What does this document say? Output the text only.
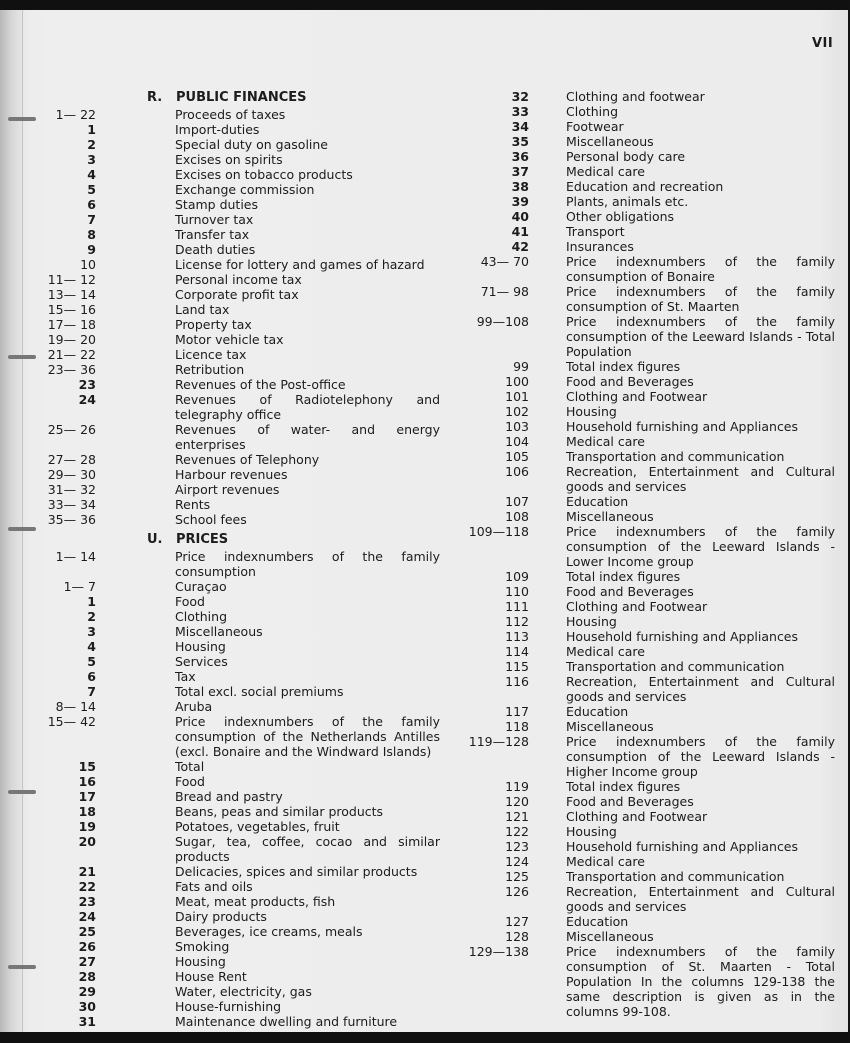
VII
R.	PUBLIC FINANCES
1— 22	Proceeds of taxes
1	Import-duties
2	Special duty on gasoline
3	Excises on spirits
4	Excises on tobacco products
5	Exchange commission
6	Stamp duties
7	Turnover tax
8	Transfer tax
9	Death duties
10	License for lottery and games of hazard
11— 12	Personal income tax
13— 14	Corporate profit tax
15— 16	Land tax
17— 18	Property tax
19— 20	Motor vehicle tax
21— 22	Licence tax
23— 36	Retribution
23	Revenues of the Post-office
24	Revenues of Radiotelephony and telegraphy office
25— 26	Revenues of water- and energy enterprises
27— 28	Revenues of Telephony
29— 30	Harbour revenues
31— 32	Airport revenues
33— 34	Rents
35— 36	School fees
U.	PRICES
1— 14	Price indexnumbers of the family consumption
1— 7	Curaçao
1	Food
2	Clothing
3	Miscellaneous
4	Housing
5	Services
6	Tax
7	Total excl. social premiums
8— 14	Aruba
15— 42	Price indexnumbers of the family consumption of the Netherlands Antilles (excl. Bonaire and the Windward Islands)
15	Total
16	Food
17	Bread and pastry
18	Beans, peas and similar products
19	Potatoes, vegetables, fruit
20	Sugar, tea, coffee, cocao and similar products
21	Delicacies, spices and similar products
22	Fats and oils
23	Meat, meat products, fish
24	Dairy products
25	Beverages, ice creams, meals
26	Smoking
27	Housing
28	House Rent
29	Water, electricity, gas
30	House-furnishing
31	Maintenance dwelling and furniture
32	Clothing and footwear
33	Clothing
34	Footwear
35	Miscellaneous
36	Personal body care
37	Medical care
38	Education and recreation
39	Plants, animals etc.
40	Other obligations
41	Transport
42	Insurances
43— 70	Price indexnumbers of the family consumption of Bonaire
71— 98	Price indexnumbers of the family consumption of St. Maarten
99—108	Price indexnumbers of the family consumption of the Leeward Islands - Total Population
99	Total index figures
100	Food and Beverages
101	Clothing and Footwear
102	Housing
103	Household furnishing and Appliances
104	Medical care
105	Transportation and communication
106	Recreation, Entertainment and Cultural goods and services
107	Education
108	Miscellaneous
109—118	Price indexnumbers of the family consumption of the Leeward Islands - Lower Income group
109	Total index figures
110	Food and Beverages
111	Clothing and Footwear
112	Housing
113	Household furnishing and Appliances
114	Medical care
115	Transportation and communication
116	Recreation, Entertainment and Cultural goods and services
117	Education
118	Miscellaneous
119—128	Price indexnumbers of the family consumption of the Leeward Islands - Higher Income group
119	Total index figures
120	Food and Beverages
121	Clothing and Footwear
122	Housing
123	Household furnishing and Appliances
124	Medical care
125	Transportation and communication
126	Recreation, Entertainment and Cultural goods and services
127	Education
128	Miscellaneous
129—138	Price indexnumbers of the family consumption of St. Maarten - Total Population In the columns 129-138 the same description is given as in the columns 99-108.
